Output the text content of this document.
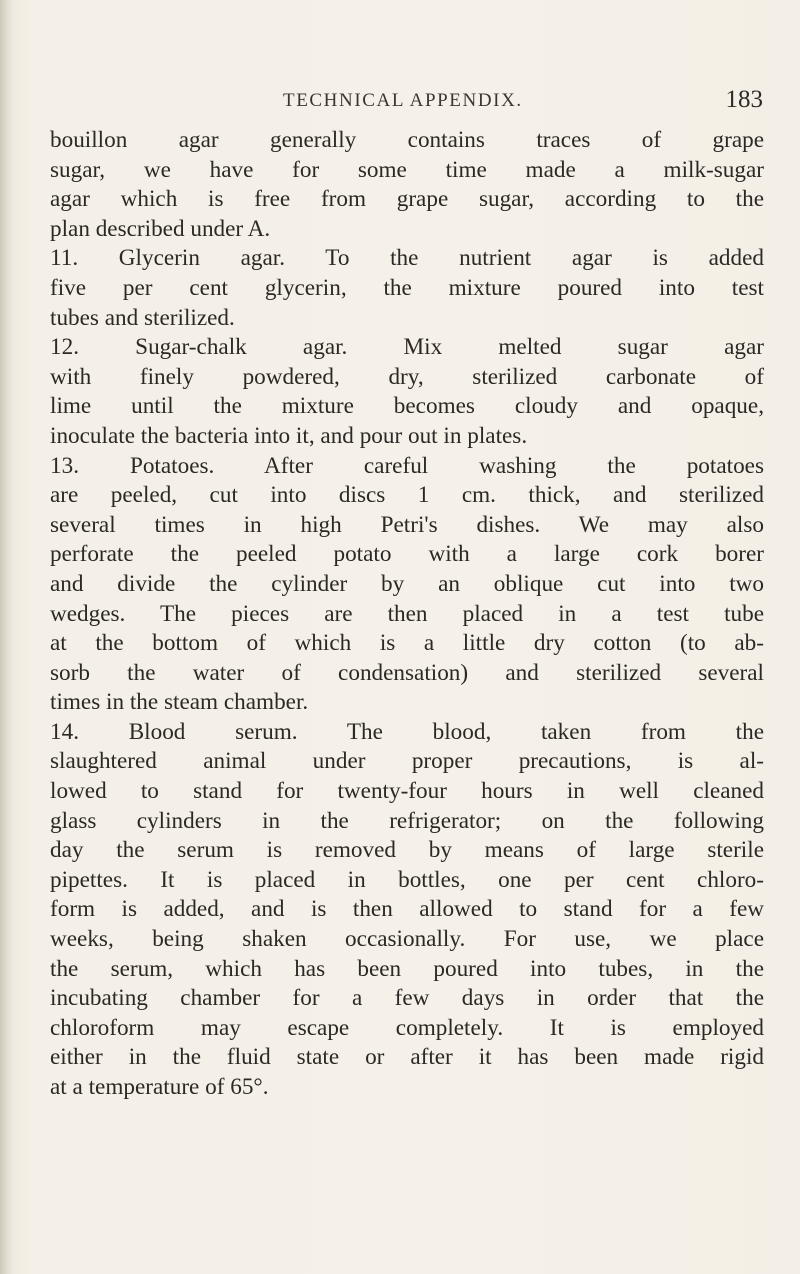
TECHNICAL APPENDIX.	183
bouillon agar generally contains traces of grape
sugar, we have for some time made a milk-sugar
agar which is free from grape sugar, according to the
plan described under A.
11. Glycerin agar. To the nutrient agar is added
five per cent glycerin, the mixture poured into test
tubes and sterilized.
12. Sugar-chalk agar. Mix melted sugar agar
with finely powdered, dry, sterilized carbonate of
lime until the mixture becomes cloudy and opaque,
inoculate the bacteria into it, and pour out in plates.
13. Potatoes. After careful washing the potatoes
are peeled, cut into discs 1 cm. thick, and sterilized
several times in high Petri's dishes. We may also
perforate the peeled potato with a large cork borer
and divide the cylinder by an oblique cut into two
wedges. The pieces are then placed in a test tube
at the bottom of which is a little dry cotton (to ab-
sorb the water of condensation) and sterilized several
times in the steam chamber.
14. Blood serum. The blood, taken from the
slaughtered animal under proper precautions, is al-
lowed to stand for twenty-four hours in well cleaned
glass cylinders in the refrigerator; on the following
day the serum is removed by means of large sterile
pipettes. It is placed in bottles, one per cent chloro-
form is added, and is then allowed to stand for a few
weeks, being shaken occasionally. For use, we place
the serum, which has been poured into tubes, in the
incubating chamber for a few days in order that the
chloroform may escape completely. It is employed
either in the fluid state or after it has been made rigid
at a temperature of 65°.
